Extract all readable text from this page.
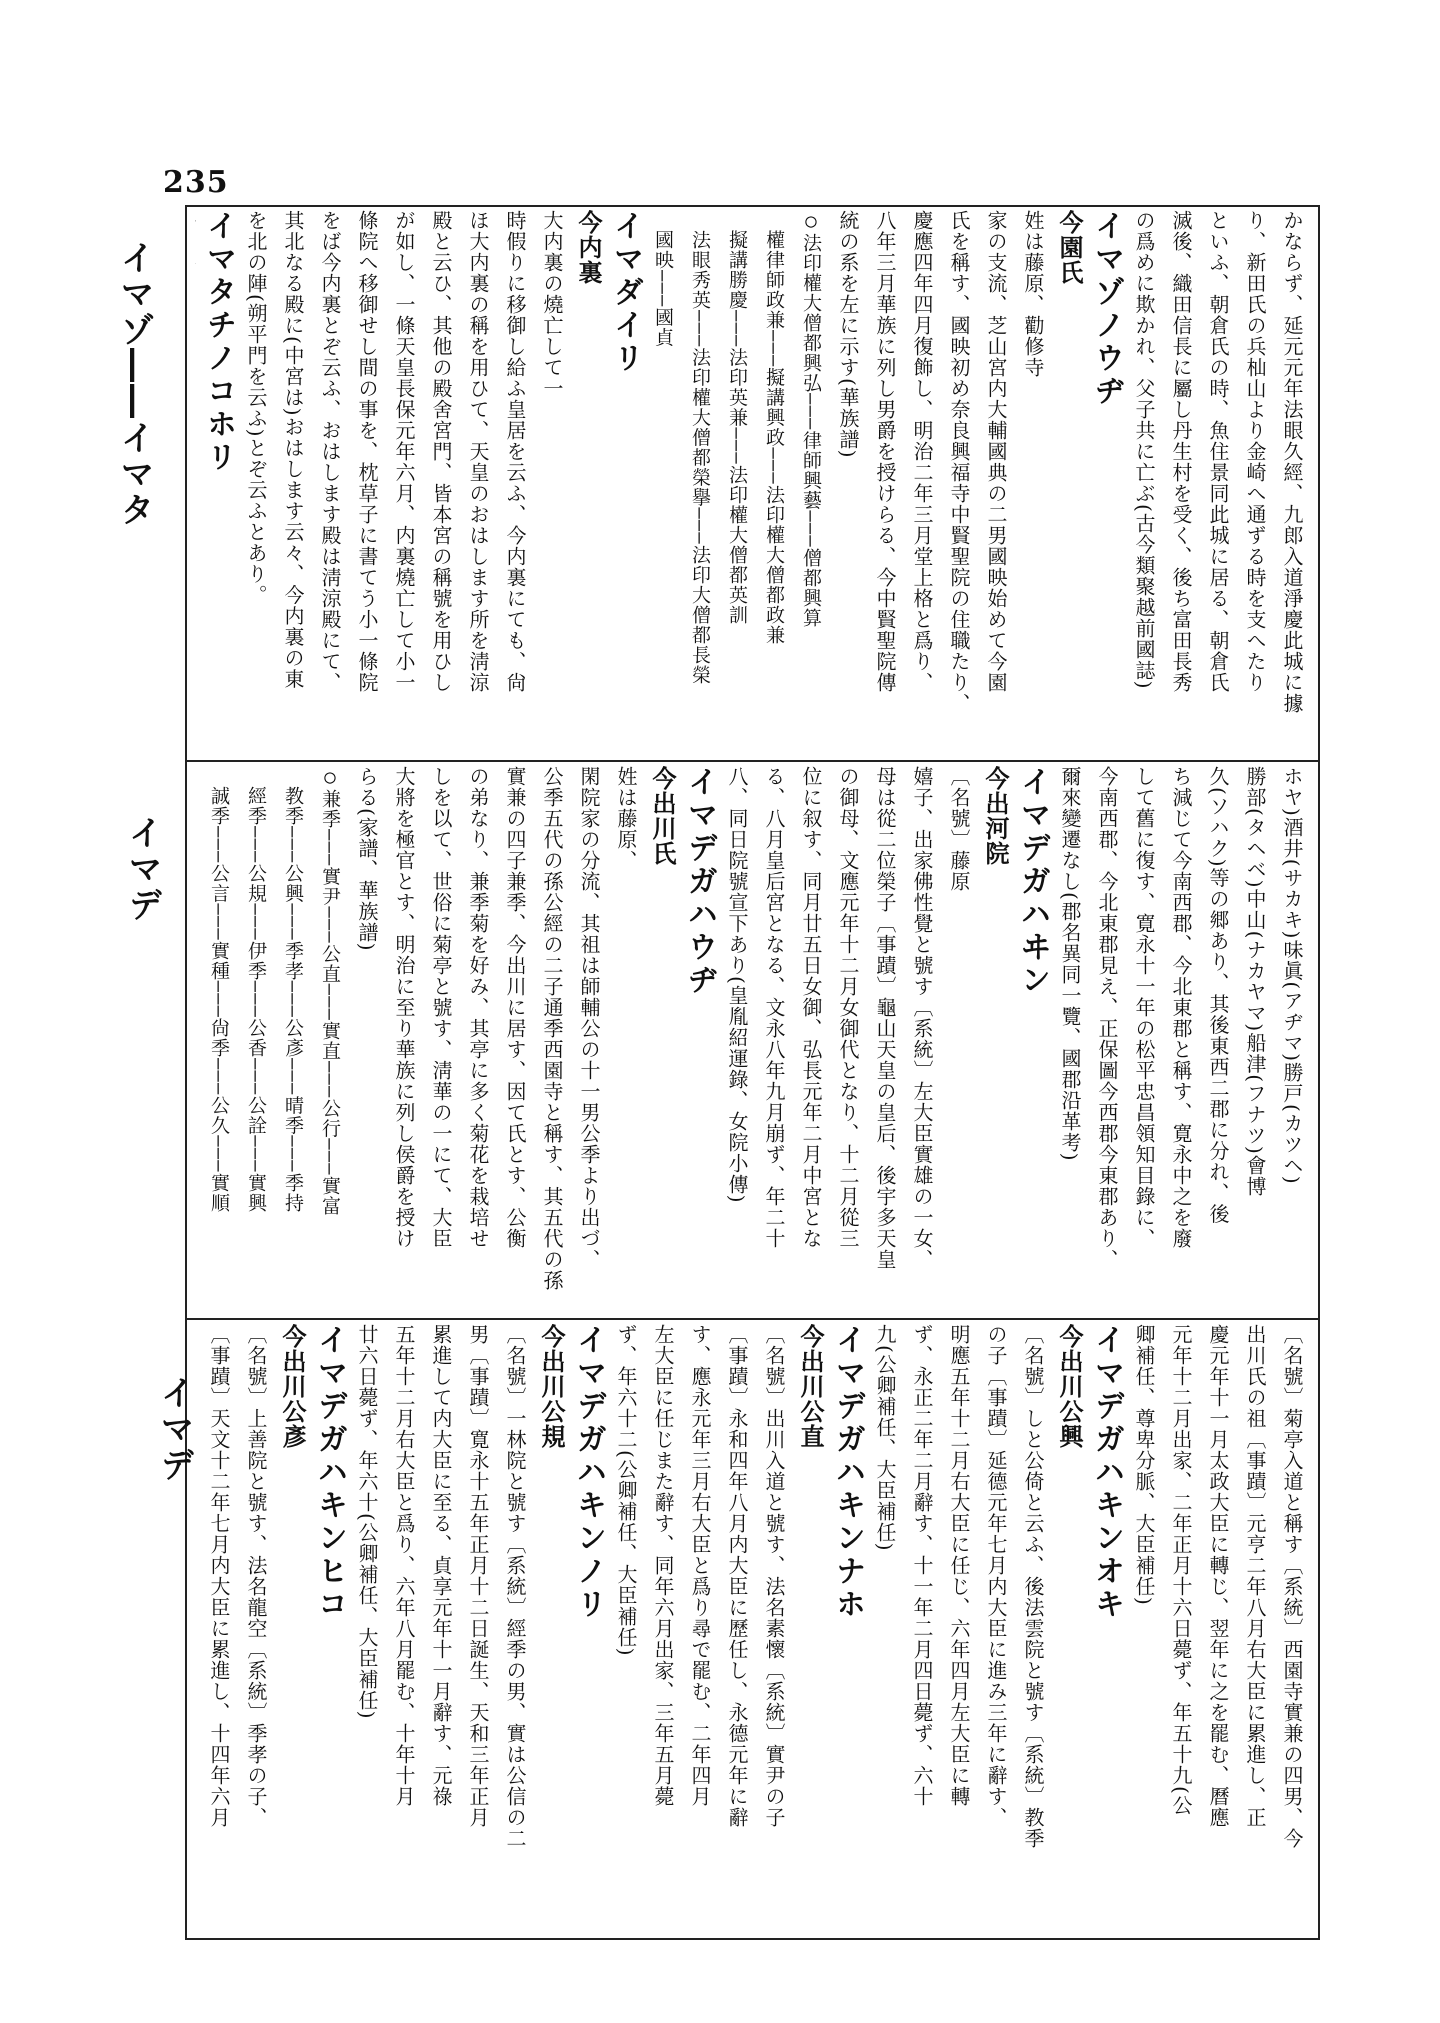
235
イマゾ――イマタ
イマデ
イマデ
かならず、延元元年法眼久經、九郎入道淨慶此城に據
り、新田氏の兵杣山より金崎へ通ずる時を支へたり
といふ、朝倉氏の時、魚住景同此城に居る、朝倉氏
滅後、織田信長に屬し丹生村を受く、後ち富田長秀
の爲めに欺かれ、父子共に亡ぶ(古今類聚越前國誌)
イマゾノウヂ
今園氏
姓は藤原、勸修寺
家の支流、芝山宮内大輔國典の二男國映始めて今園
氏を稱す、國映初め奈良興福寺中賢聖院の住職たり、
慶應四年四月復飾し、明治二年三月堂上格と爲り、
八年三月華族に列し男爵を授けらる、今中賢聖院傳
統の系を左に示す(華族譜)
○法印權大僧都興弘―――律師興藝―――僧都興算
　權律師政兼―――擬講興政―――法印權大僧都政兼
　擬講勝慶―――法印英兼―――法印權大僧都英訓
　法眼秀英―――法印權大僧都榮擧―――法印大僧都長榮
　國映―――國貞
イマダイリ
今内裏
大内裏の燒亡して一
時假りに移御し給ふ皇居を云ふ、今内裏にても、尙
ほ大内裏の稱を用ひて、天皇のおはします所を淸涼
殿と云ひ、其他の殿舍宮門、皆本宮の稱號を用ひし
が如し、一條天皇長保元年六月、内裏燒亡して小一
條院へ移御せし間の事を、枕草子に書てう小一條院
をば今内裏とぞ云ふ、おはします殿は淸涼殿にて、
其北なる殿に(中宮は)おはします云々、今内裏の東
を北の陣(朔平門を云ふ)とぞ云ふとあり。
イマタチノコホリ
ホヤ)酒井(サカキ)味眞(アヂマ)勝戸(カツヘ)
勝部(タヘベ)中山(ナカヤマ)船津(フナツ)會博
久(ソハク)等の郷あり、其後東西二郡に分れ、後
ち減じて今南西郡、今北東郡と稱す、寛永中之を廢
して舊に復す、寛永十一年の松平忠昌領知目錄に、
今南西郡、今北東郡見え、正保圖今西郡今東郡あり、
爾來變遷なし(郡名異同一覽、國郡沿革考)
イマデガハヰン
今出河院
〔名號〕藤原
嬉子、出家佛性覺と號す〔系統〕左大臣實雄の一女、
母は從二位榮子〔事蹟〕龜山天皇の皇后、後宇多天皇
の御母、文應元年十二月女御代となり、十二月從三
位に叙す、同月廿五日女御、弘長元年二月中宮とな
る、八月皇后宮となる、文永八年九月崩ず、年二十
八、同日院號宣下あり(皇胤紹運錄、女院小傳)
イマデガハウヂ
今出川氏
姓は藤原、
閑院家の分流、其祖は師輔公の十一男公季より出づ、
公季五代の孫公經の二子通季西園寺と稱す、其五代の孫
實兼の四子兼季、今出川に居す、因て氏とす、公衡
の弟なり、兼季菊を好み、其亭に多く菊花を栽培せ
しを以て、世俗に菊亭と號す、淸華の一にて、大臣
大將を極官とす、明治に至り華族に列し侯爵を授け
らる(家譜、華族譜)
○兼季―――實尹―――公直―――實直―――公行―――實富
　教季―――公興―――季孝―――公彥―――晴季―――季持
　經季―――公規―――伊季―――公香―――公詮―――實興
　誠季―――公言―――實種―――尙季―――公久―――實順
〔名號〕菊亭入道と稱す〔系統〕西園寺實兼の四男、今
出川氏の祖〔事蹟〕元亨二年八月右大臣に累進し、正
慶元年十一月太政大臣に轉じ、翌年に之を罷む、曆應
元年十二月出家、二年正月十六日薨ず、年五十九(公
卿補任、尊卑分脈、大臣補任)
イマデガハキンオキ
今出川公興
〔名號〕しと公倚と云ふ、後法雲院と號す〔系統〕教季
の子〔事蹟〕延德元年七月内大臣に進み三年に辭す、
明應五年十二月右大臣に任じ、六年四月左大臣に轉
ず、永正二年二月辭す、十一年二月四日薨ず、六十
九(公卿補任、大臣補任)
イマデガハキンナホ
今出川公直
〔名號〕出川入道と號す、法名素懷〔系統〕實尹の子
〔事蹟〕永和四年八月内大臣に歷任し、永德元年に辭
す、應永元年三月右大臣と爲り尋で罷む、二年四月
左大臣に任じまた辭す、同年六月出家、三年五月薨
ず、年六十二(公卿補任、大臣補任)
イマデガハキンノリ
今出川公規
〔名號〕一林院と號す〔系統〕經季の男、實は公信の二
男〔事蹟〕寛永十五年正月十二日誕生、天和三年正月
累進して内大臣に至る、貞享元年十一月辭す、元祿
五年十二月右大臣と爲り、六年八月罷む、十年十月
廿六日薨ず、年六十(公卿補任、大臣補任)
イマデガハキンヒコ
今出川公彥
〔名號〕上善院と號す、法名龍空〔系統〕季孝の子、
〔事蹟〕天文十二年七月内大臣に累進し、十四年六月
